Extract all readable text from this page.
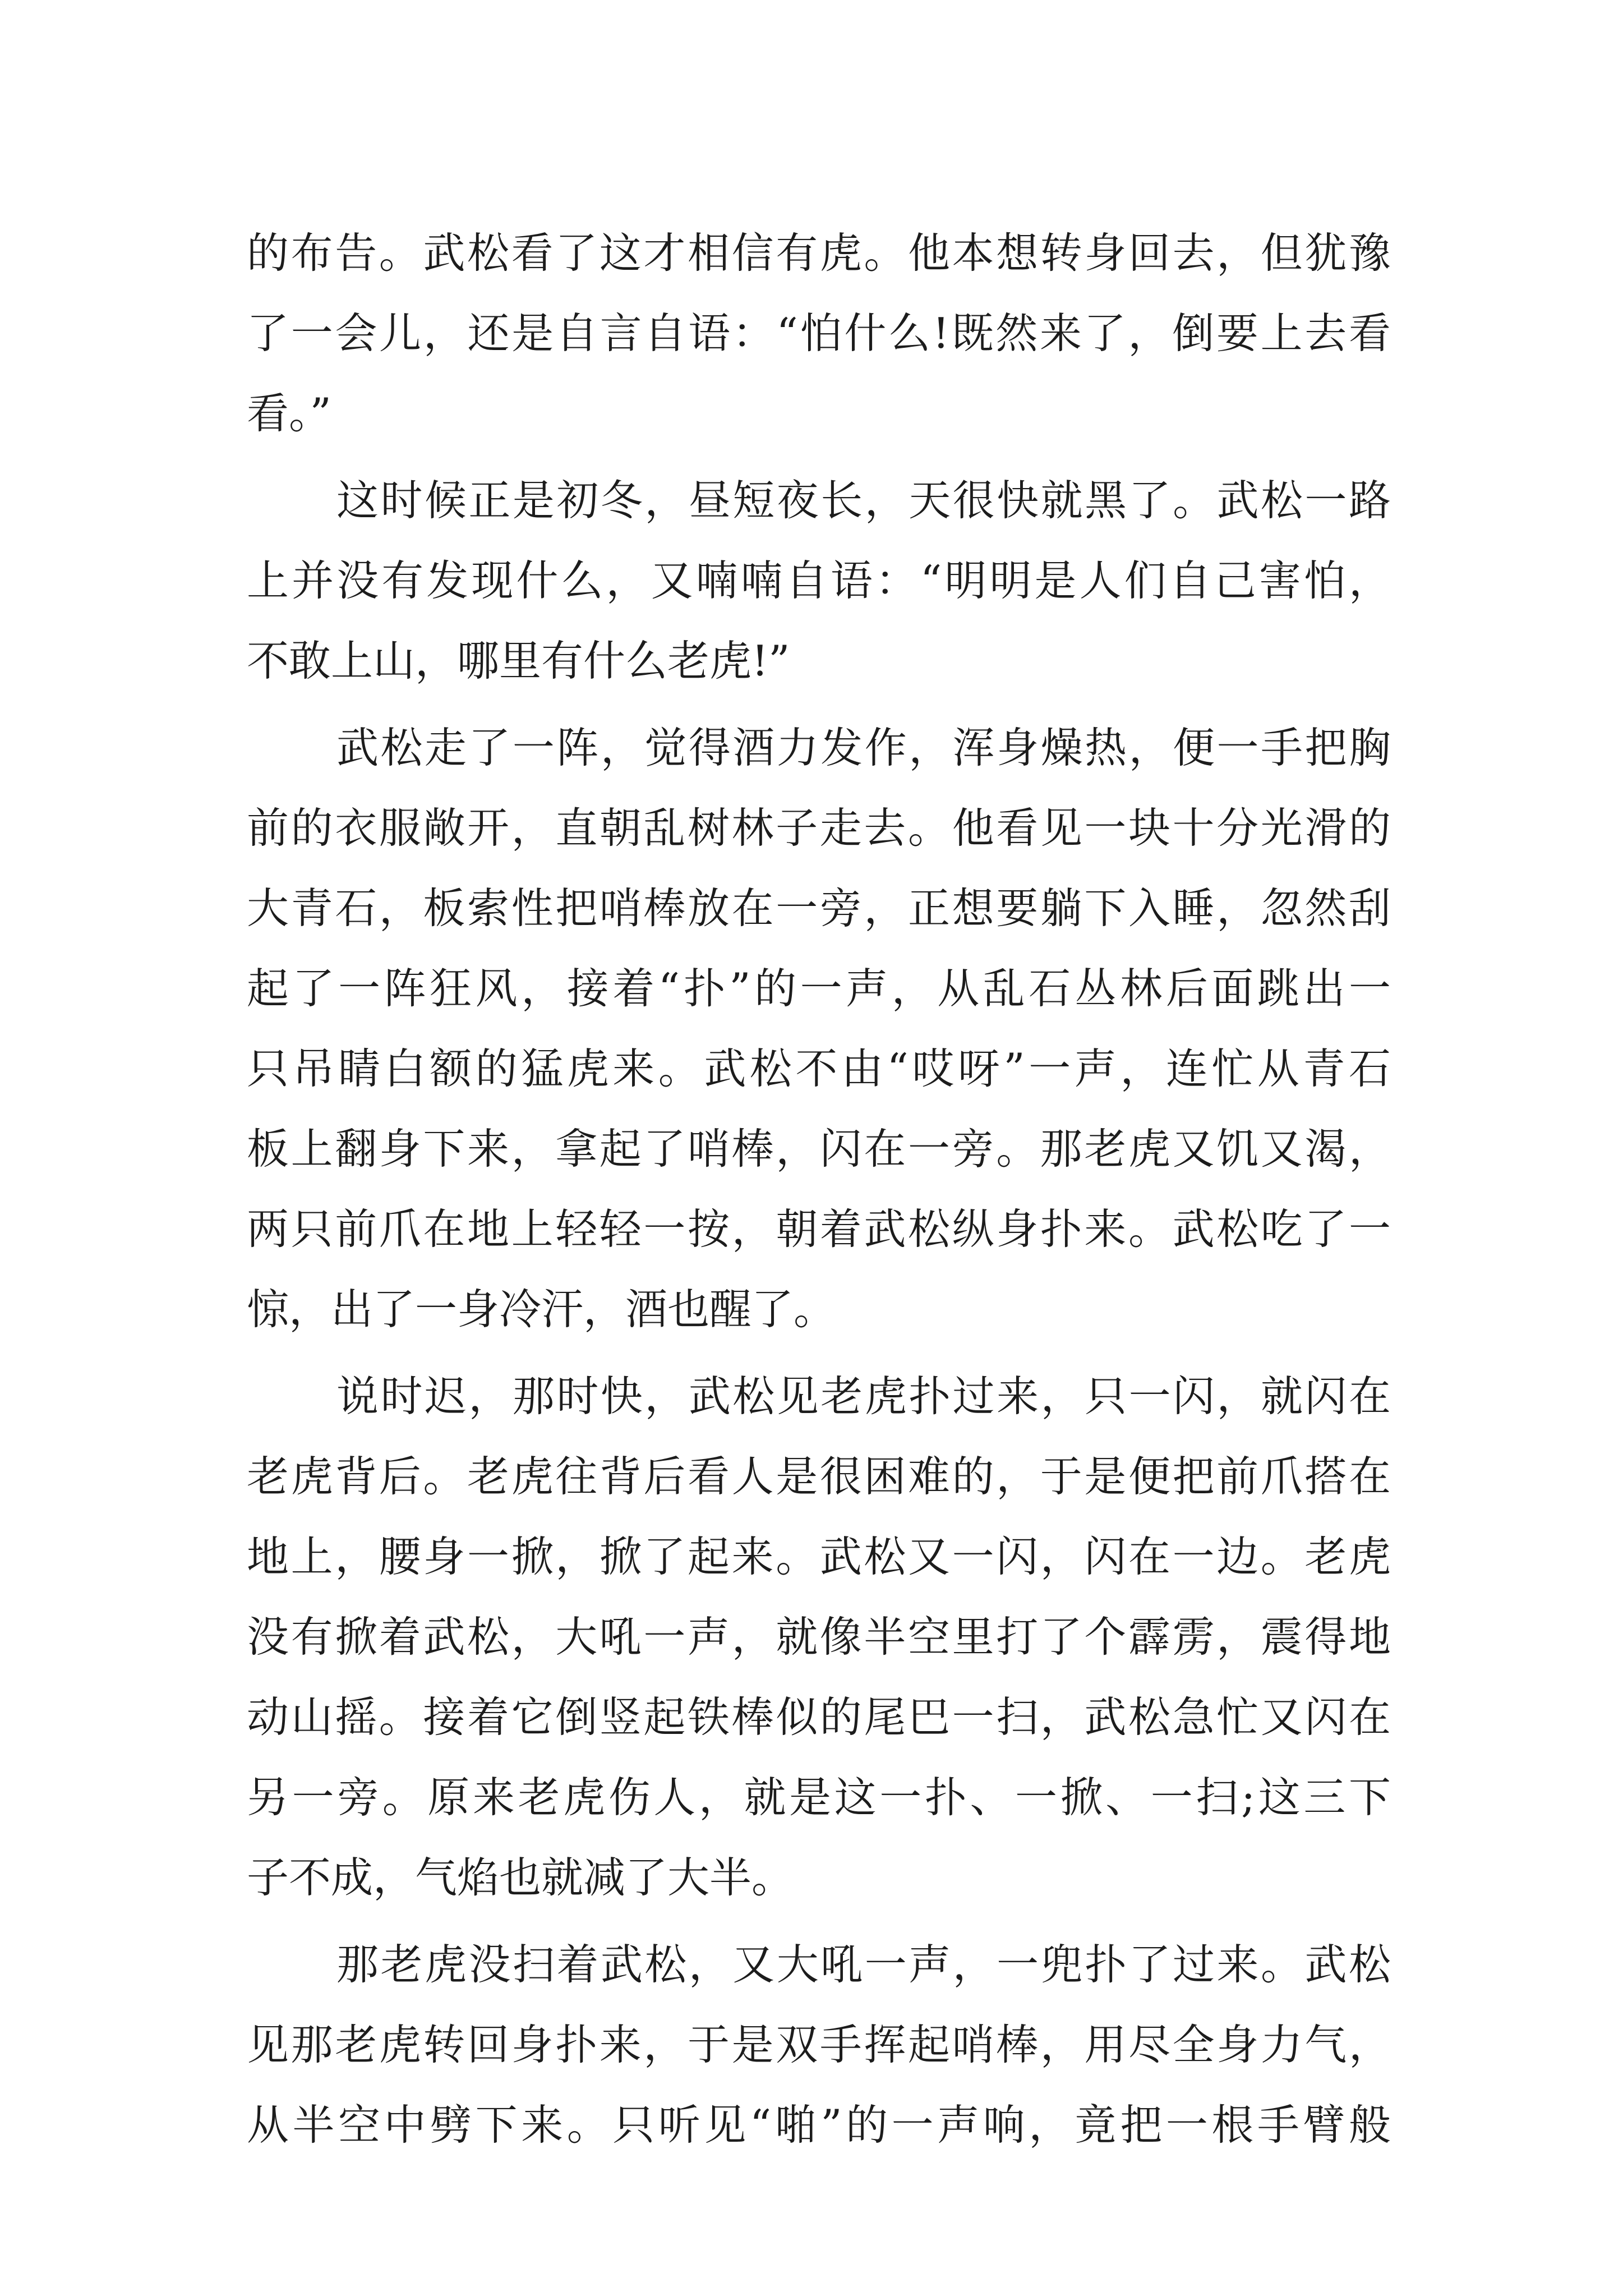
的布告。武松看了这才相信有虎。他本想转身回去，但犹豫
了一会儿，还是自言自语：“怕什么!既然来了，倒要上去看
看。”
这时候正是初冬，昼短夜长，天很快就黑了。武松一路
上并没有发现什么，又喃喃自语：“明明是人们自己害怕，
不敢上山，哪里有什么老虎!”
武松走了一阵，觉得酒力发作，浑身燥热，便一手把胸
前的衣服敞开，直朝乱树林子走去。他看见一块十分光滑的
大青石，板索性把哨棒放在一旁，正想要躺下入睡，忽然刮
起了一阵狂风，接着“扑”的一声，从乱石丛林后面跳出一
只吊睛白额的猛虎来。武松不由“哎呀”一声，连忙从青石
板上翻身下来，拿起了哨棒，闪在一旁。那老虎又饥又渴，
两只前爪在地上轻轻一按，朝着武松纵身扑来。武松吃了一
惊，出了一身冷汗，酒也醒了。
说时迟，那时快，武松见老虎扑过来，只一闪，就闪在
老虎背后。老虎往背后看人是很困难的，于是便把前爪搭在
地上，腰身一掀，掀了起来。武松又一闪，闪在一边。老虎
没有掀着武松，大吼一声，就像半空里打了个霹雳，震得地
动山摇。接着它倒竖起铁棒似的尾巴一扫，武松急忙又闪在
另一旁。原来老虎伤人，就是这一扑、一掀、一扫;这三下
子不成，气焰也就减了大半。
那老虎没扫着武松，又大吼一声，一兜扑了过来。武松
见那老虎转回身扑来，于是双手挥起哨棒，用尽全身力气，
从半空中劈下来。只听见“啪”的一声响，竟把一根手臂般
